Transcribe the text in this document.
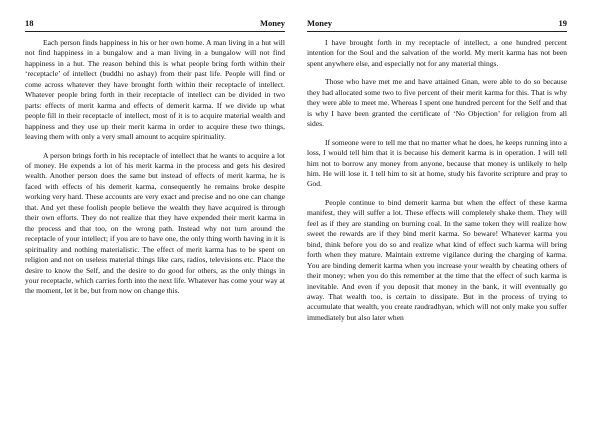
18	Money

Each person finds happiness in his or her own home. A man living in a hut will not find happiness in a bungalow and a man living in a bungalow will not find happiness in a hut. The reason behind this is what people bring forth within their ‘receptacle’ of intellect (buddhi no ashay) from their past life. People will find or come across whatever they have brought forth within their receptacle of intellect. Whatever people bring forth in their receptacle of intellect can be divided in two parts: effects of merit karma and effects of demerit karma. If we divide up what people fill in their receptacle of intellect, most of it is to acquire material wealth and happiness and they use up their merit karma in order to acquire these two things, leaving them with only a very small amount to acquire spirituality.

A person brings forth in his receptacle of intellect that he wants to acquire a lot of money. He expends a lot of his merit karma in the process and gets his desired wealth. Another person does the same but instead of effects of merit karma, he is faced with effects of his demerit karma, consequently he remains broke despite working very hard. These accounts are very exact and precise and no one can change that. And yet these foolish people believe the wealth they have acquired is through their own efforts. They do not realize that they have expended their merit karma in the process and that too, on the wrong path. Instead why not turn around the receptacle of your intellect; if you are to have one, the only thing worth having in it is spirituality and nothing materialistic. The effect of merit karma has to be spent on religion and not on useless material things like cars, radios, televisions etc. Place the desire to know the Self, and the desire to do good for others, as the only things in your receptacle, which carries forth into the next life. Whatever has come your way at the moment, let it be, but from now on change this.

Money	19

I have brought forth in my receptacle of intellect, a one hundred percent intention for the Soul and the salvation of the world. My merit karma has not been spent anywhere else, and especially not for any material things.

Those who have met me and have attained Gnan, were able to do so because they had allocated some two to five percent of their merit karma for this. That is why they were able to meet me. Whereas I spent one hundred percent for the Self and that is why I have been granted the certificate of ‘No Objection’ for religion from all sides.

If someone were to tell me that no matter what he does, he keeps running into a loss, I would tell him that it is because his demerit karma is in operation. I will tell him not to borrow any money from anyone, because that money is unlikely to help him. He will lose it. I tell him to sit at home, study his favorite scripture and pray to God.

People continue to bind demerit karma but when the effect of these karma manifest, they will suffer a lot. These effects will completely shake them. They will feel as if they are standing on burning coal. In the same token they will realize how sweet the rewards are if they bind merit karma. So beware! Whatever karma you bind, think before you do so and realize what kind of effect such karma will bring forth when they mature. Maintain extreme vigilance during the charging of karma. You are binding demerit karma when you increase your wealth by cheating others of their money; when you do this remember at the time that the effect of such karma is inevitable. And even if you deposit that money in the bank, it will eventually go away. That wealth too, is certain to dissipate. But in the process of trying to accumulate that wealth, you create raudradhyan, which will not only make you suffer immediately but also later when
